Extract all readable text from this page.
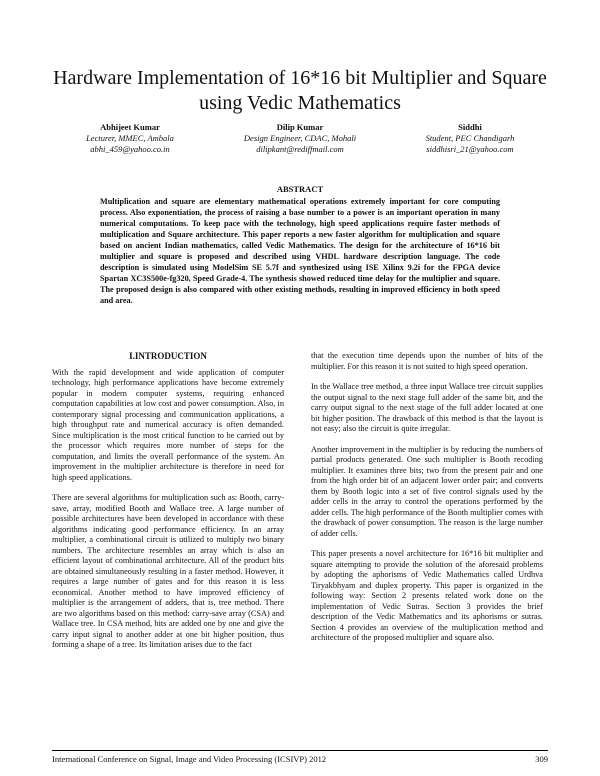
Hardware Implementation of 16*16 bit Multiplier and Square using Vedic Mathematics
Abhijeet Kumar
Lecturer, MMEC, Ambala
abhi_459@yahoo.co.in
Dilip Kumar
Design Engineer, CDAC, Mohali
dilipkant@rediffmail.com
Siddhi
Student, PEC Chandigarh
siddhisri_21@yahoo.com
ABSTRACT
Multiplication and square are elementary mathematical operations extremely important for core computing process. Also exponentiation, the process of raising a base number to a power is an important operation in many numerical computations. To keep pace with the technology, high speed applications require faster methods of multiplication and Square architecture. This paper reports a new faster algorithm for multiplication and square based on ancient Indian mathematics, called Vedic Mathematics. The design for the architecture of 16*16 bit multiplier and square is proposed and described using VHDL hardware description language. The code description is simulated using ModelSim SE 5.7f and synthesized using ISE Xilinx 9.2i for the FPGA device Spartan XC3S500e-fg320, Speed Grade-4. The synthesis showed reduced time delay for the multiplier and square. The proposed design is also compared with other existing methods, resulting in improved efficiency in both speed and area.
I.INTRODUCTION

With the rapid development and wide application of computer technology, high performance applications have become extremely popular in modern computer systems, requiring enhanced computation capabilities at low cost and power consumption. Also, in contemporary signal processing and communication applications, a high throughput rate and numerical accuracy is often demanded. Since multiplication is the most critical function to be carried out by the processor which requires more number of steps for the computation, and limits the overall performance of the system. An improvement in the multiplier architecture is therefore in need for high speed applications.

There are several algorithms for multiplication such as: Booth, carry-save, array, modified Booth and Wallace tree. A large number of possible architectures have been developed in accordance with these algorithms indicating good performance efficiency. In an array multiplier, a combinational circuit is utilized to multiply two binary numbers. The architecture resembles an array which is also an efficient layout of combinational architecture. All of the product bits are obtained simultaneously resulting in a faster method. However, it requires a large number of gates and for this reason it is less economical. Another method to have improved efficiency of multiplier is the arrangement of adders, that is, tree method. There are two algorithms based on this method: carry-save array (CSA) and Wallace tree. In CSA method, bits are added one by one and give the carry input signal to another adder at one bit higher position, thus forming a shape of a tree. Its limitation arises due to the fact

that the execution time depends upon the number of bits of the multiplier. For this reason it is not suited to high speed operation.

In the Wallace tree method, a three input Wallace tree circuit supplies the output signal to the next stage full adder of the same bit, and the carry output signal to the next stage of the full adder located at one bit higher position. The drawback of this method is that the layout is not easy; also the circuit is quite irregular.

Another improvement in the multiplier is by reducing the numbers of partial products generated. One such multiplier is Booth recoding multiplier. It examines three bits; two from the present pair and one from the high order bit of an adjacent lower order pair; and converts them by Booth logic into a set of five control signals used by the adder cells in the array to control the operations performed by the adder cells. The high performance of the Booth multiplier comes with the drawback of power consumption. The reason is the large number of adder cells.

This paper presents a novel architecture for 16*16 bit multiplier and square attempting to provide the solution of the aforesaid problems by adopting the aphorisms of Vedic Mathematics called Urdhva Tiryakbhyam and duplex property. This paper is organized in the following way: Section 2 presents related work done on the implementation of Vedic Sutras. Section 3 provides the brief description of the Vedic Mathematics and its aphorisms or sutras. Section 4 provides an overview of the multiplication method and architecture of the proposed multiplier and square also.

International Conference on Signal, Image and Video Processing (ICSIVP) 2012	309
